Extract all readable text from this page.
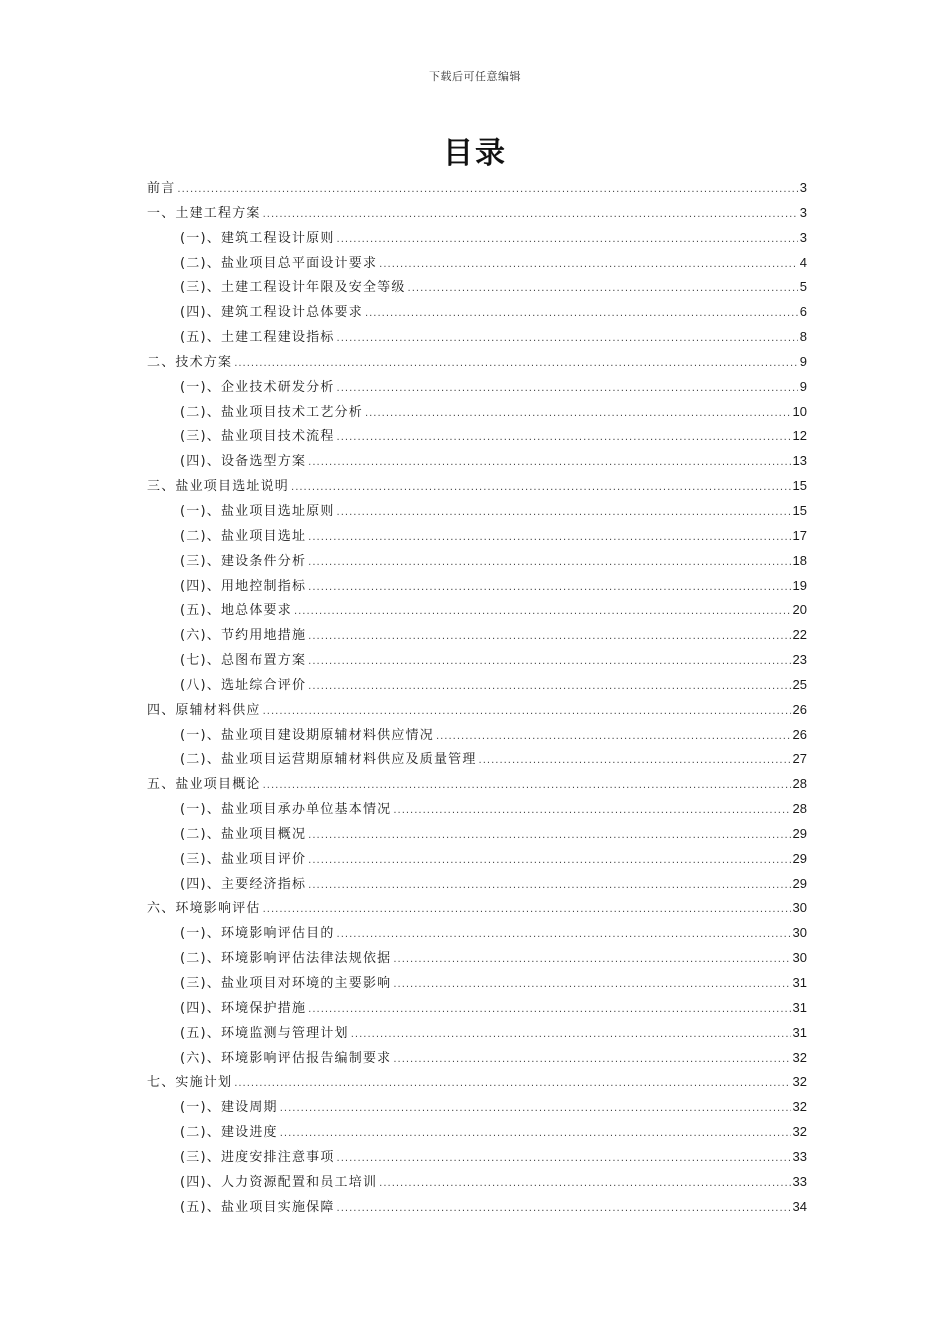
下载后可任意编辑
目录
前言 .....	3
一、土建工程方案 .....	3
(一)、建筑工程设计原则 .....	3
(二)、盐业项目总平面设计要求 .....	4
(三)、土建工程设计年限及安全等级 .....	5
(四)、建筑工程设计总体要求 .....	6
(五)、土建工程建设指标 .....	8
二、技术方案 .....	9
(一)、企业技术研发分析 .....	9
(二)、盐业项目技术工艺分析 .....	10
(三)、盐业项目技术流程 .....	12
(四)、设备选型方案 .....	13
三、盐业项目选址说明 .....	15
(一)、盐业项目选址原则 .....	15
(二)、盐业项目选址 .....	17
(三)、建设条件分析 .....	18
(四)、用地控制指标 .....	19
(五)、地总体要求 .....	20
(六)、节约用地措施 .....	22
(七)、总图布置方案 .....	23
(八)、选址综合评价 .....	25
四、原辅材料供应 .....	26
(一)、盐业项目建设期原辅材料供应情况 .....	26
(二)、盐业项目运营期原辅材料供应及质量管理 .....	27
五、盐业项目概论 .....	28
(一)、盐业项目承办单位基本情况 .....	28
(二)、盐业项目概况 .....	29
(三)、盐业项目评价 .....	29
(四)、主要经济指标 .....	29
六、环境影响评估 .....	30
(一)、环境影响评估目的 .....	30
(二)、环境影响评估法律法规依据 .....	30
(三)、盐业项目对环境的主要影响 .....	31
(四)、环境保护措施 .....	31
(五)、环境监测与管理计划 .....	31
(六)、环境影响评估报告编制要求 .....	32
七、实施计划 .....	32
(一)、建设周期 .....	32
(二)、建设进度 .....	32
(三)、进度安排注意事项 .....	33
(四)、人力资源配置和员工培训 .....	33
(五)、盐业项目实施保障 .....	34
